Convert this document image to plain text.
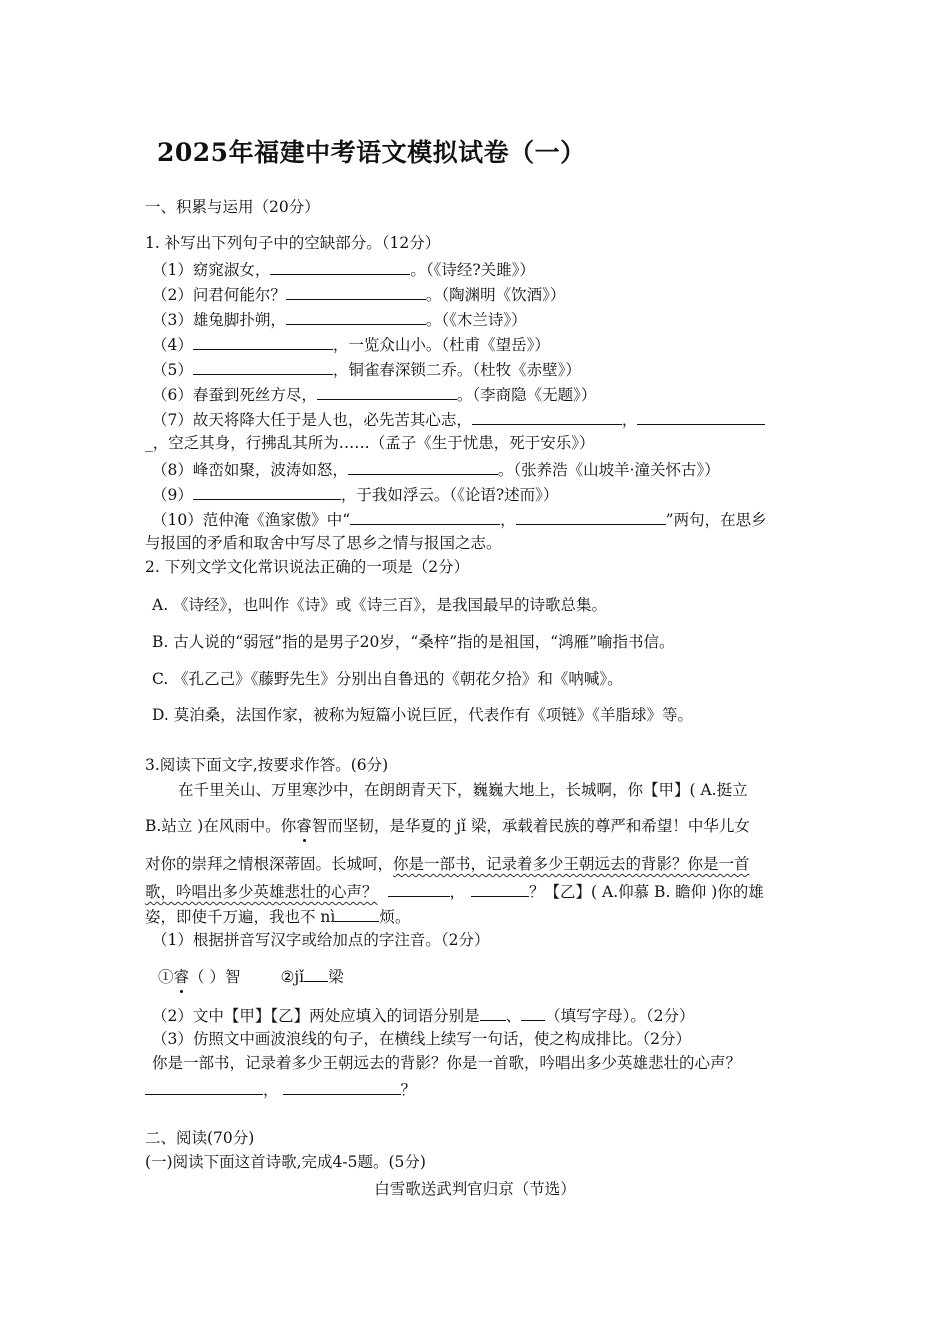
2025年福建中考语文模拟试卷（一）
一、积累与运用（20分）
1. 补写出下列句子中的空缺部分。（12分）
（1）窈窕淑女，	。（《诗经?关雎》）
（2）问君何能尔？	。（陶渊明《饮酒》）
（3）雄兔脚扑朔，	。（《木兰诗》）
（4）	，一览众山小。（杜甫《望岳》）
（5）	，铜雀春深锁二乔。（杜牧《赤壁》）
（6）春蚕到死丝方尽，	。（李商隐《无题》）
（7）故天将降大任于是人也，必先苦其心志，	，
_，空乏其身，行拂乱其所为……（孟子《生于忧患，死于安乐》）
（8）峰峦如聚，波涛如怒，	。（张养浩《山坡羊·潼关怀古》）
（9）	，于我如浮云。（《论语?述而》）
（10）范仲淹《渔家傲》中“	，	”两句，在思乡
与报国的矛盾和取舍中写尽了思乡之情与报国之志。
2. 下列文学文化常识说法正确的一项是（2分）
A. 《诗经》，也叫作《诗》或《诗三百》，是我国最早的诗歌总集。
B. 古人说的“弱冠”指的是男子20岁，“桑梓”指的是祖国，“鸿雁”喻指书信。
C. 《孔乙己》《藤野先生》分别出自鲁迅的《朝花夕拾》和《呐喊》。
D. 莫泊桑，法国作家，被称为短篇小说巨匠，代表作有《项链》《羊脂球》等。
3.阅读下面文字,按要求作答。(6分)
在千里关山、万里寒沙中，在朗朗青天下，巍巍大地上，长城啊，你【甲】( A.挺立
B.站立 )在风雨中。你睿智而坚韧，是华夏的 jǐ 梁，承载着民族的尊严和希望！中华儿女
对你的崇拜之情根深蒂固。长城呵，你是一部书，记录着多少王朝远去的背影？你是一首
歌，吟唱出多少英雄悲壮的心声？	，	？【乙】( A.仰慕 B. 瞻仰 )你的雄
姿，即使千万遍，我也不 nì	烦。
（1）根据拼音写汉字或给加点的字注音。（2分）
①睿（ ）智	②jǐ 梁
（2）文中【甲】【乙】两处应填入的词语分别是 、 （填写字母）。（2分）
（3）仿照文中画波浪线的句子，在横线上续写一句话，使之构成排比。（2分）
你是一部书，记录着多少王朝远去的背影？你是一首歌，吟唱出多少英雄悲壮的心声？
，	？
二、阅读(70分)
(一)阅读下面这首诗歌,完成4-5题。(5分)
白雪歌送武判官归京（节选）
